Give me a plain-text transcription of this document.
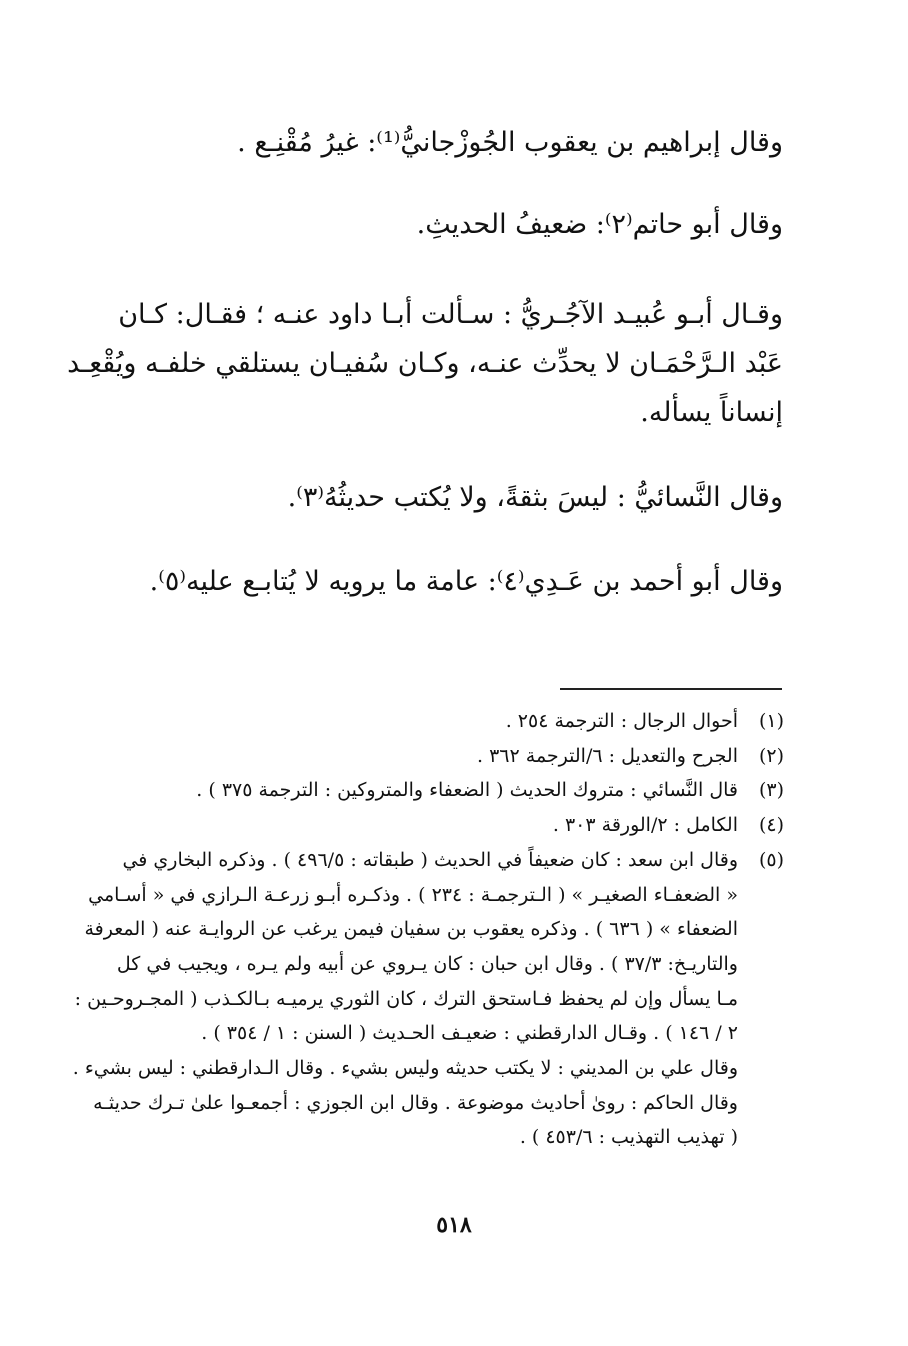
وقال إبراهيم بن يعقوب الجُوزْجانيُّ⁽¹⁾: غيرُ مُقْنِـع .
وقال أبو حاتم⁽٢⁾: ضعيفُ الحديثِ.
وقـال أبـو عُبيـد الآجُـريُّ : سـألت أبـا داود عنـه ؛ فقـال: كـان
عَبْد الـرَّحْمَـان لا يحدِّث عنـه، وكـان سُفيـان يستلقي خلفـه ويُقْعِـد
إنساناً يسأله.
وقال النَّسائيُّ : ليسَ بثقةً، ولا يُكتب حديثُهُ⁽٣⁾.
وقال أبو أحمد بن عَـدِي⁽٤⁾: عامة ما يرويه لا يُتابـع عليه⁽٥⁾.
(١)
أحوال الرجال : الترجمة ٢٥٤ .
(٢)
الجرح والتعديل : ٦/الترجمة ٣٦٢ .
(٣)
قال النَّسائي : متروك الحديث ( الضعفاء والمتروكين : الترجمة ٣٧٥ ) .
(٤)
الكامل : ٢/الورقة ٣٠٣ .
(٥)
وقال ابن سعد : كان ضعيفاً في الحديث ( طبقاته : ٤٩٦/٥ ) . وذكره البخاري في
« الضعفـاء الصغيـر » ( الـترجمـة : ٢٣٤ ) . وذكـره أبـو زرعـة الـرازي في « أسـامي
الضعفاء » ( ٦٣٦ ) . وذكره يعقوب بن سفيان فيمن يرغب عن الروايـة عنه ( المعرفة
والتاريـخ: ٣٧/٣ ) . وقال ابن حبان : كان يـروي عن أبيه ولم يـره ، ويجيب في كل
مـا يسأل وإن لم يحفظ فـاستحق الترك ، كان الثوري يرميـه بـالكـذب ( المجـروحـين :
٢ / ١٤٦ ) . وقـال الدارقطني : ضعيـف الحـديث ( السنن : ١ / ٣٥٤ ) .
وقال علي بن المديني : لا يكتب حديثه وليس بشيء . وقال الـدارقطني : ليس بشيء .
وقال الحاكم : روىٰ أحاديث موضوعة . وقال ابن الجوزي : أجمعـوا علىٰ تـرك حديثـه
( تهذيب التهذيب : ٤٥٣/٦ ) .
٥١٨
